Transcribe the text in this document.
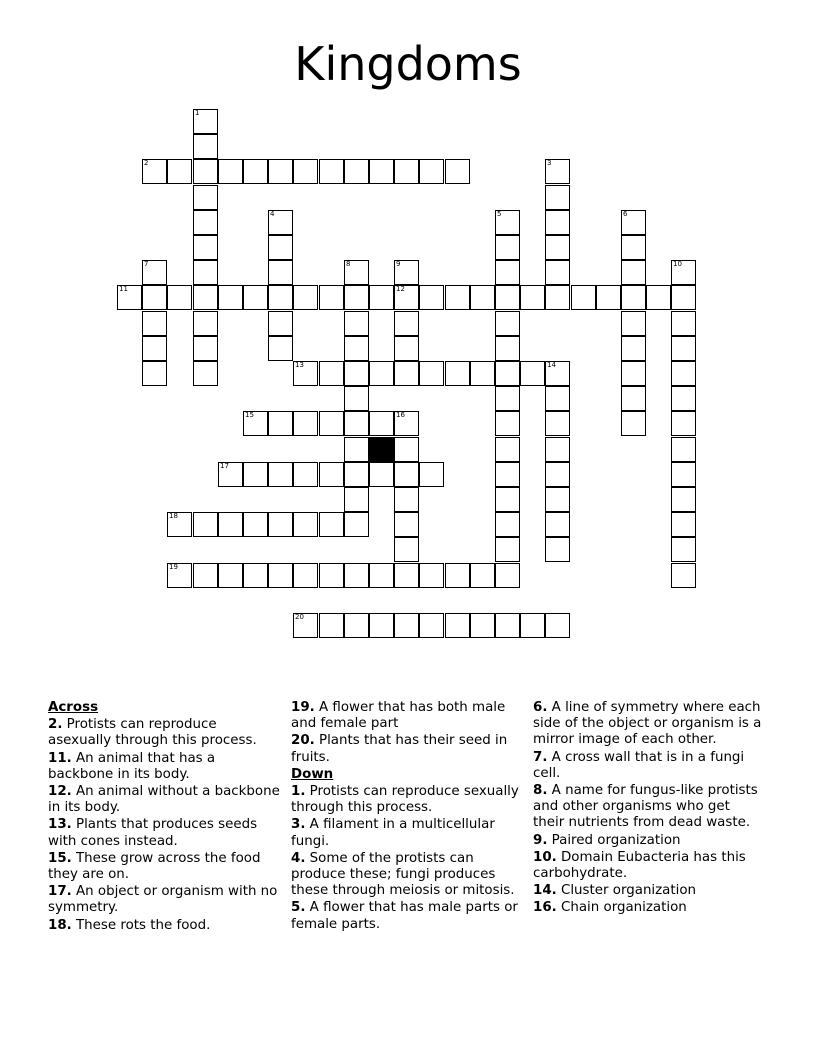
Kingdoms
2
11	12
13	14
15	16
17
18
19
20
1
3
4	5	6
7	8	9	10
Across
2. Protists can reproduce asexually through this process.
11. An animal that has a backbone in its body.
12. An animal without a backbone in its body.
13. Plants that produces seeds with cones instead.
15. These grow across the food they are on.
17. An object or organism with no symmetry.
18. These rots the food.
19. A flower that has both male and female part
20. Plants that has their seed in fruits.
Down
1. Protists can reproduce sexually through this process.
3. A filament in a multicellular fungi.
4. Some of the protists can produce these; fungi produces these through meiosis or mitosis.
5. A flower that has male parts or female parts.
6. A line of symmetry where each side of the object or organism is a mirror image of each other.
7. A cross wall that is in a fungi cell.
8. A name for fungus-like protists and other organisms who get their nutrients from dead waste.
9. Paired organization
10. Domain Eubacteria has this carbohydrate.
14. Cluster organization
16. Chain organization
